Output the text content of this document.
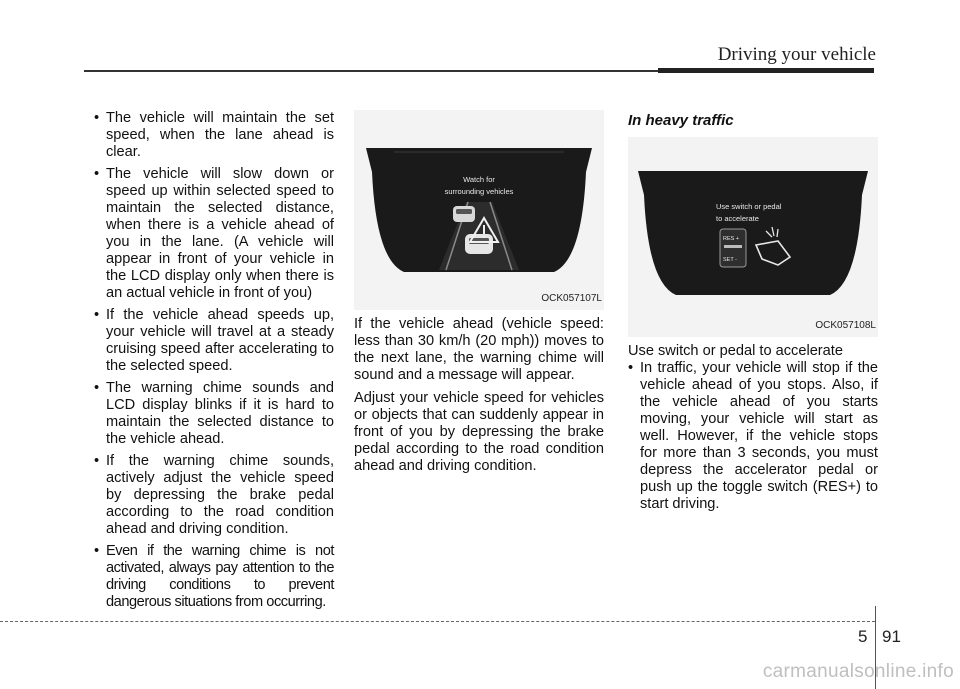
Driving your vehicle
• The vehicle will maintain the set speed, when the lane ahead is clear.
• The vehicle will slow down or speed up within selected speed to maintain the selected distance, when there is a vehicle ahead of you in the lane. (A vehicle will appear in front of your vehicle in the LCD display only when there is an actual vehicle in front of you)
• If the vehicle ahead speeds up, your vehicle will travel at a steady cruising speed after accelerating to the selected speed.
• The warning chime sounds and LCD display blinks if it is hard to maintain the selected distance to the vehicle ahead.
• If the warning chime sounds, actively adjust the vehicle speed by depressing the brake pedal according to the road condition ahead and driving condition.
• Even if the warning chime is not activated, always pay attention to the driving conditions to prevent dangerous situations from occurring.
Watch for
surrounding vehicles
OCK057107L

If the vehicle ahead (vehicle speed: less than 30 km/h (20 mph)) moves to the next lane, the warning chime will sound and a message will appear.

Adjust your vehicle speed for vehicles or objects that can suddenly appear in front of you by depressing the brake pedal according to the road condition ahead and driving condition.

In heavy traffic
Use switch or pedal
to accelerate
RES +
SET -
OCK057108L

Use switch or pedal to accelerate

• In traffic, your vehicle will stop if the vehicle ahead of you stops. Also, if the vehicle ahead of you starts moving, your vehicle will start as well. However, if the vehicle stops for more than 3 seconds, you must depress the accelerator pedal or push up the toggle switch (RES+) to start driving.
5 91
carmanualsonline.info
